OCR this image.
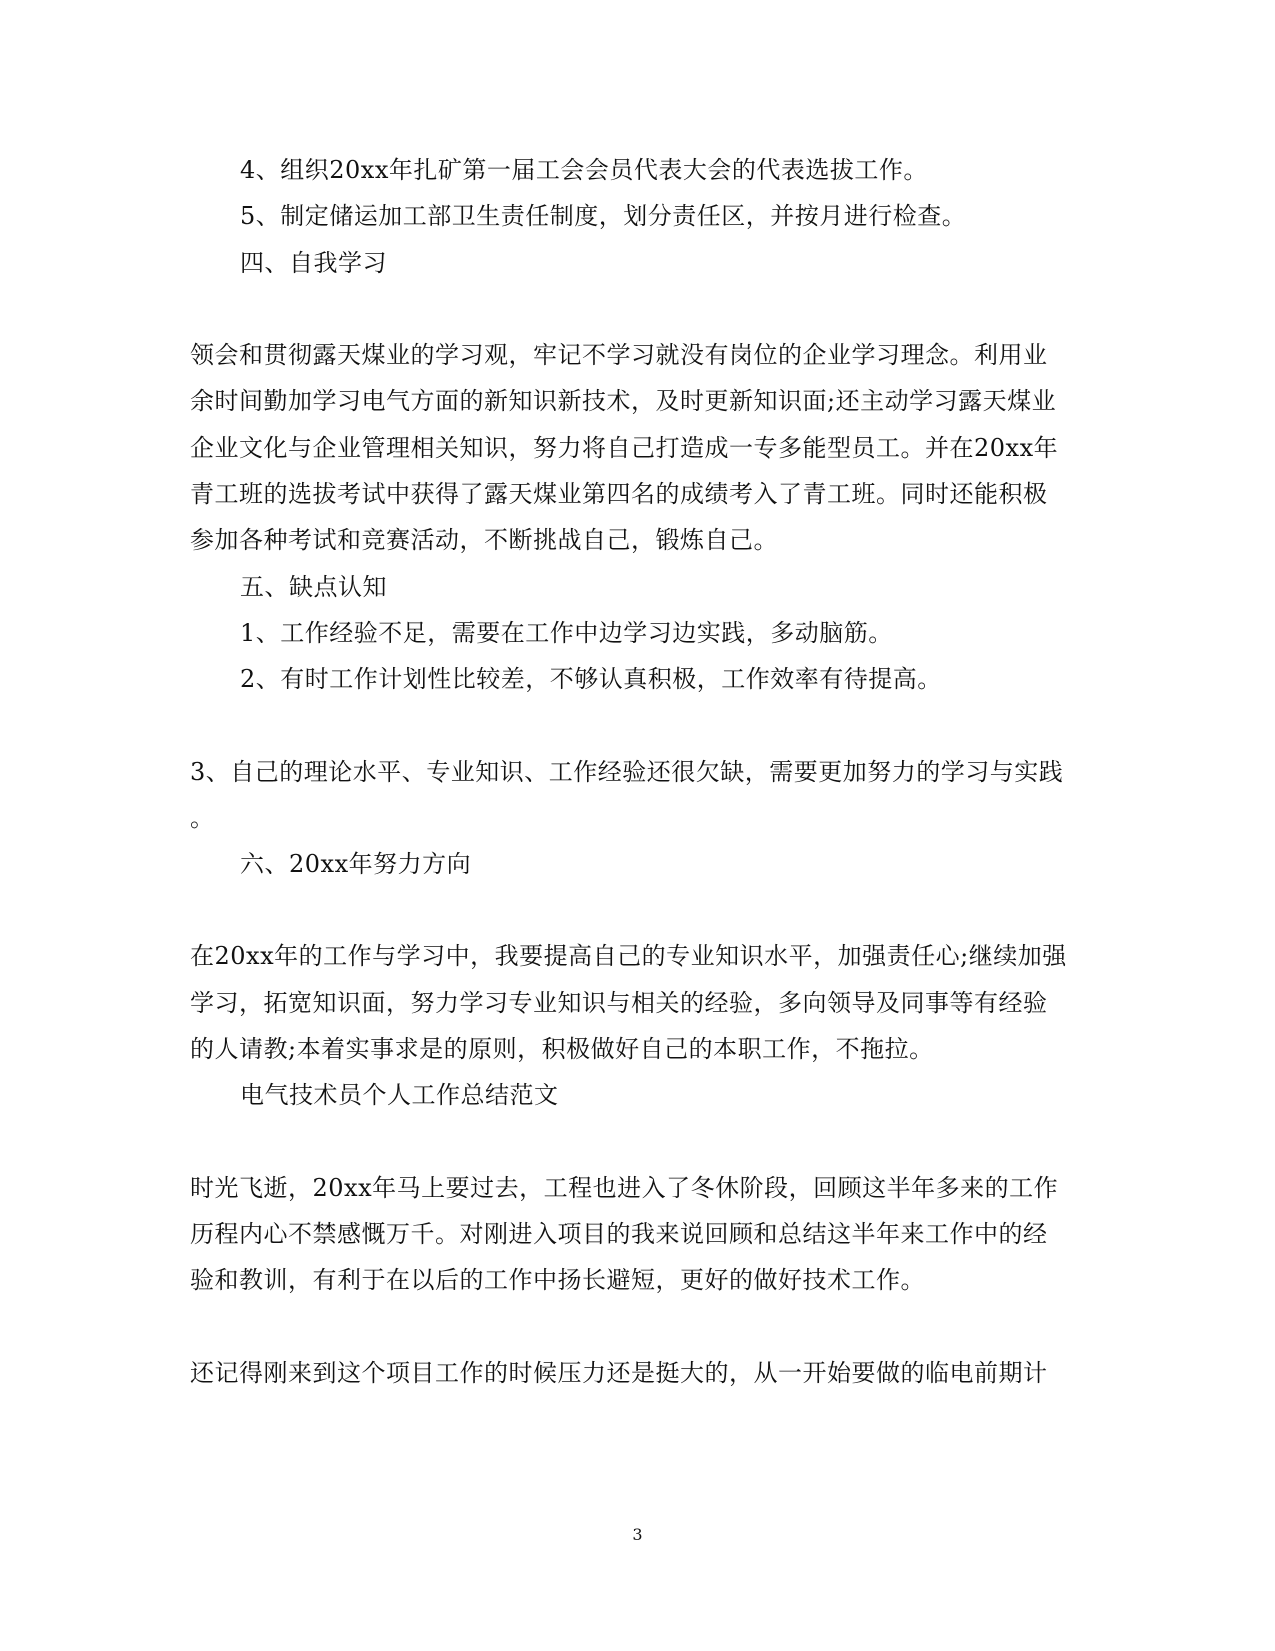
4、组织20xx年扎矿第一届工会会员代表大会的代表选拔工作。
5、制定储运加工部卫生责任制度，划分责任区，并按月进行检查。
四、自我学习
领会和贯彻露天煤业的学习观，牢记不学习就没有岗位的企业学习理念。利用业
余时间勤加学习电气方面的新知识新技术，及时更新知识面;还主动学习露天煤业
企业文化与企业管理相关知识，努力将自己打造成一专多能型员工。并在20xx年
青工班的选拔考试中获得了露天煤业第四名的成绩考入了青工班。同时还能积极
参加各种考试和竞赛活动，不断挑战自己，锻炼自己。
五、缺点认知
1、工作经验不足，需要在工作中边学习边实践，多动脑筋。
2、有时工作计划性比较差，不够认真积极，工作效率有待提高。
3、自己的理论水平、专业知识、工作经验还很欠缺，需要更加努力的学习与实践
。
六、20xx年努力方向
在20xx年的工作与学习中，我要提高自己的专业知识水平，加强责任心;继续加强
学习，拓宽知识面，努力学习专业知识与相关的经验，多向领导及同事等有经验
的人请教;本着实事求是的原则，积极做好自己的本职工作，不拖拉。
电气技术员个人工作总结范文
时光飞逝，20xx年马上要过去，工程也进入了冬休阶段，回顾这半年多来的工作
历程内心不禁感慨万千。对刚进入项目的我来说回顾和总结这半年来工作中的经
验和教训，有利于在以后的工作中扬长避短，更好的做好技术工作。
还记得刚来到这个项目工作的时候压力还是挺大的，从一开始要做的临电前期计
3
